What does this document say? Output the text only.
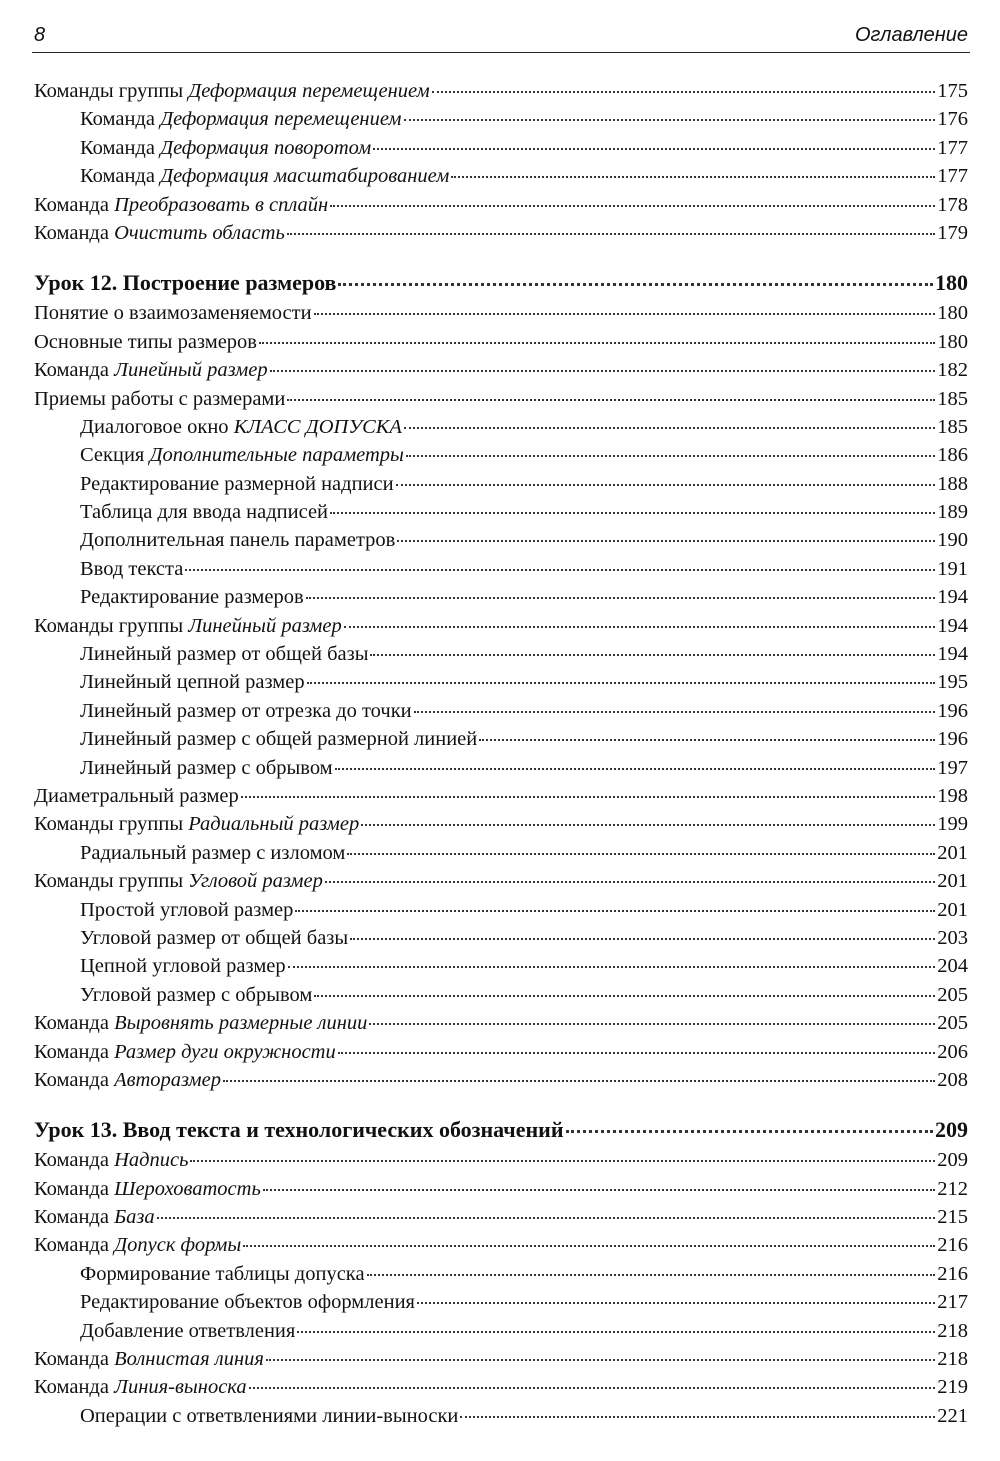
8	Оглавление
Команды группы Деформация перемещением	175
Команда Деформация перемещением	176
Команда Деформация поворотом	177
Команда Деформация масштабированием	177
Команда Преобразовать в сплайн	178
Команда Очистить область	179
Урок 12. Построение размеров	180
Понятие о взаимозаменяемости	180
Основные типы размеров	180
Команда Линейный размер	182
Приемы работы с размерами	185
Диалоговое окно КЛАСС ДОПУСКА	185
Секция Дополнительные параметры	186
Редактирование размерной надписи	188
Таблица для ввода надписей	189
Дополнительная панель параметров	190
Ввод текста	191
Редактирование размеров	194
Команды группы Линейный размер	194
Линейный размер от общей базы	194
Линейный цепной размер	195
Линейный размер от отрезка до точки	196
Линейный размер с общей размерной линией	196
Линейный размер с обрывом	197
Диаметральный размер	198
Команды группы Радиальный размер	199
Радиальный размер с изломом	201
Команды группы Угловой размер	201
Простой угловой размер	201
Угловой размер от общей базы	203
Цепной угловой размер	204
Угловой размер с обрывом	205
Команда Выровнять размерные линии	205
Команда Размер дуги окружности	206
Команда Авторазмер	208
Урок 13. Ввод текста и технологических обозначений	209
Команда Надпись	209
Команда Шероховатость	212
Команда База	215
Команда Допуск формы	216
Формирование таблицы допуска	216
Редактирование объектов оформления	217
Добавление ответвления	218
Команда Волнистая линия	218
Команда Линия-выноска	219
Операции с ответвлениями линии-выноски	221
